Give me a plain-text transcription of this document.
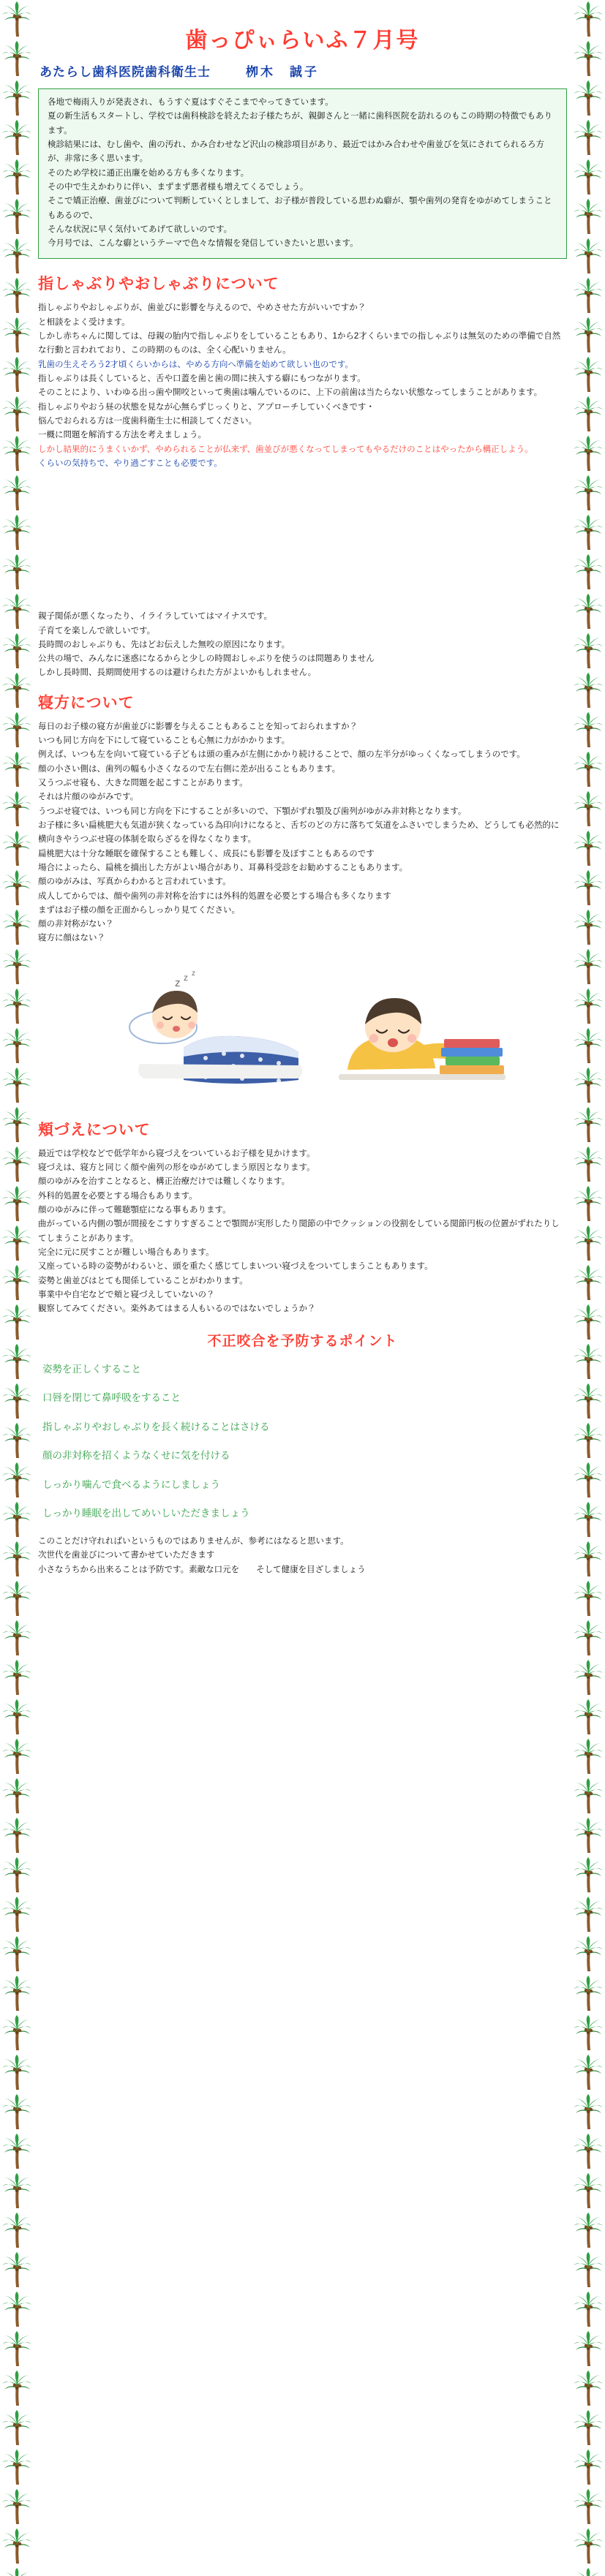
歯っぴぃらいふ７月号
あたらし歯科医院歯科衛生士	栁木　誠子

各地で梅雨入りが発表され、もうすぐ夏はすぐそこまでやってきています。

夏の新生活もスタートし、学校では歯科検診を終えたお子様たちが、親御さんと一緒に歯科医院を訪れるのもこの時期の特徴でもあります。

検診結果には、むし歯や、歯の汚れ、かみ合わせなど沢山の検診項目があり、最近ではかみ合わせや歯並びを気にされてられるろ方が、非常に多く思います。

そのため学校に通正出廉を始める方も多くなります。

その中で生えかわりに伴い、まずまず悪者様も増えてくるでしょう。

そこで矯正治療、歯並びについて判断していくとしまして、お子様が普段している思わぬ癖が、顎や歯列の発育をゆがめてしまうこともあるので、

そんな状況に早く気付いてあげて欲しいのです。

今月号では、こんな癖というテーマで色々な情報を発信していきたいと思います。

指しゃぶりやおしゃぶりについて

指しゃぶりやおしゃぶりが、歯並びに影響を与えるので、やめさせた方がいいですか？

と相談をよく受けます。

しかし赤ちゃんに関しては、母親の胎内で指しゃぶりをしていることもあり、1から2才くらいまでの指しゃぶりは無気のための準備で自然な行動と言われており、この時期のものは、全く心配いりません。

乳歯の生えそろう2才頃くらいからは、やめる方向へ準備を始めて欲しい也のです。

指しゃぶりは長くしていると、舌や口蓋を歯と歯の間に挟入する癖にもつながります。

そのことにより、いわゆる出っ歯や開咬といって奥歯は噛んでいるのに、上下の前歯は当たらない状態なってしまうことがあります。

指しゃぶりやおう昼の状態を見なが心無らずじっくりと、アプローチしていくべきです・

悩んでおられる方は一度歯科衛生士に相談してください。

一概に問題を解消する方法を考えましょう。

しかし結果的にうまくいかず、やめられることが仏来ず、歯並びが悪くなってしまってもやるだけのことはやったから構正しよう。

くらいの気持ちで、やり過ごすことも必要です。

親子関係が悪くなったり、イライラしていてはマイナスです。

子育てを楽しんで欲しいです。

長時間のおしゃぶりも、先はどお伝えした無咬の原因になります。

公共の場で、みんなに迷惑になるからと少しの時間おしゃぶりを使うのは問題ありません

しかし長時間、長期間使用するのは避けられた方がよいかもしれません。

寝方について

毎日のお子様の寝方が歯並びに影響を与えることもあることを知っておられますか？

いつも同じ方向を下にして寝ていることも心無に力がかかります。

例えば、いつも左を向いて寝ている子どもは頭の重みが左側にかかり続けることで、顔の左半分がゆっくくなってしまうのです。

顔の小さい側は、歯列の幅も小さくなるので左右側に差が出ることもあります。

又うつぶせ寝も、大きな問題を起こすことがあります。

それは片顔のゆがみです。

うつぶせ寝では、いつも同じ方向を下にすることが多いので、下顎がずれ顎及び歯列がゆがみ非対称となります。

お子様に多い扁桃肥大も気道が狭くなっている為印向けになると、舌ぢのどの方に落ちて気道をふさいでしまうため、どうしても必然的に横向きやうつぶせ寝の体制を取らざるを得なくなります。

扁桃肥大は十分な睡眠を確保することも難しく、成長にも影響を及ぼすこともあるのです

場合によったら、扁桃を摘出した方がよい場合があり、耳鼻科受診をお勧めすることもあります。

顔のゆがみは、写真からわかると言われています。

成人してからでは、顔や歯列の非対称を治すには外科的処置を必要とする場合も多くなります

まずはお子様の顔を正面からしっかり見てください。

顔の非対称がない？

寝方に顔はない？

z z z
頬づえについて

最近では学校などで低学年から寝づえをついているお子様を見かけます。

寝づえは、寝方と同じく顔や歯列の形をゆがめてしまう原因となります。

顔のゆがみを治すことなると、構正治療だけでは難しくなります。

外科的処置を必要とする場合もあります。

顔のゆがみに伴って難聴顎症になる事もあります。

曲がっている内側の顎が間接をこすりすぎることで顎間が実形したり関節の中でクッションの役割をしている関節円板の位置がずれたりしてしまうことがあります。

完全に元に戻すことが難しい場合もあります。

又座っている時の姿勢がわるいと、頭を重たく感じてしまいつい寝づえをついてしまうこともあります。

姿勢と歯並びはとても関係していることがわかります。

事業中や自宅などで頬と寝づえしていないの？

観察してみてください。楽外あてはまる人もいるのではないでしょうか？

不正咬合を予防するポイント

姿勢を正しくすること

口唇を閉じて鼻呼吸をすること

指しゃぶりやおしゃぶりを長く続けることはさける

顔の非対称を招くようなくせに気を付ける

しっかり噛んで食べるようにしましょう

しっかり睡眠を出してめいしいただきましょう

このことだけ守れればいというものではありませんが、参考にはなると思います。

次世代を歯並びについて書かせていただきます

小さなうちから出来ることは予防です。素敵な口元を　　そして健康を目ざしましょう
